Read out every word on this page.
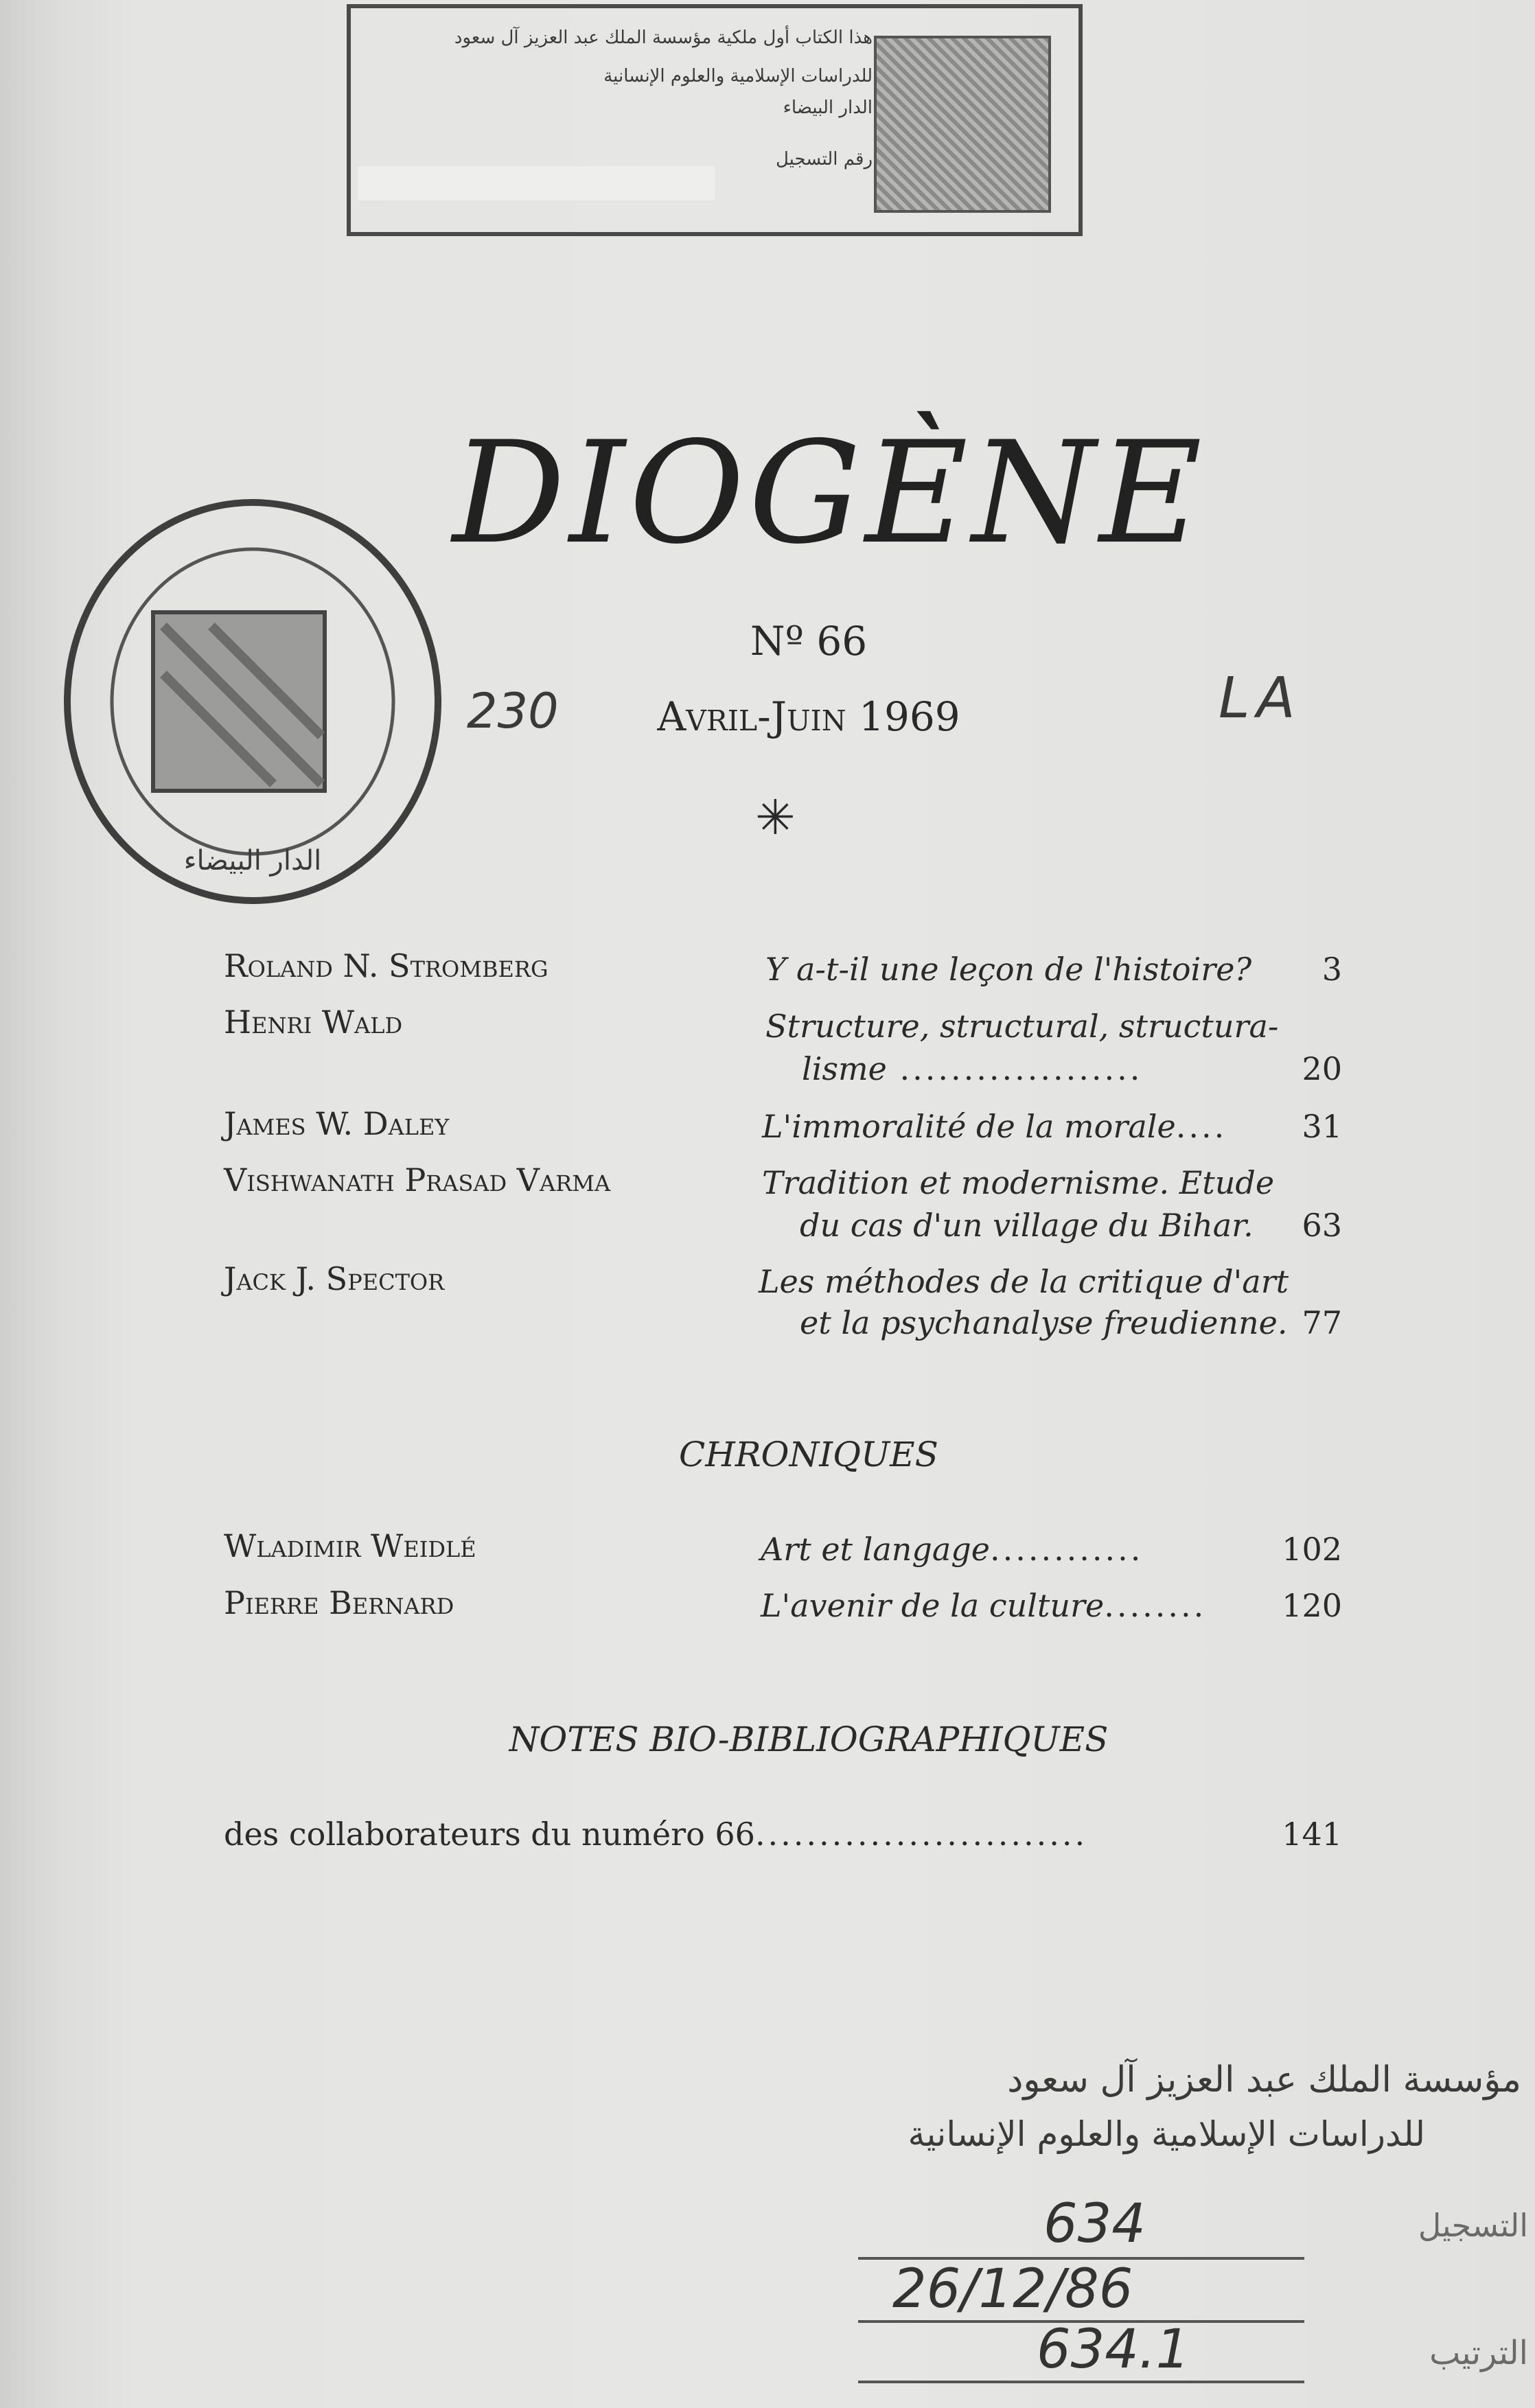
هذا الكتاب أول ملكية مؤسسة الملك عبد العزيز آل سعود
للدراسات الإسلامية والعلوم الإنسانية
الدار البيضاء
رقم التسجيل
الدار البيضاء
DIOGÈNE
Nº 66
230	Avril-Juin 1969	LA
✳
Roland N. Stromberg	Y a-t-il une leçon de l'histoire?	3
Henri Wald	Structure, structural, structura-
lisme ...................	20
James W. Daley	L'immoralité de la morale....	31
Vishwanath Prasad Varma	Tradition et modernisme. Etude
du cas d'un village du Bihar.	63
Jack J. Spector	Les méthodes de la critique d'art
et la psychanalyse freudienne. 77
CHRONIQUES
Wladimir Weidlé	Art et langage............	102
Pierre Bernard	L'avenir de la culture........	120
NOTES BIO-BIBLIOGRAPHIQUES
des collaborateurs du numéro 66..........................	141
مؤسسة الملك عبد العزيز آل سعود
للدراسات الإسلامية والعلوم الإنسانية
التسجيل
الترتيب
634
26/12/86
634.1
